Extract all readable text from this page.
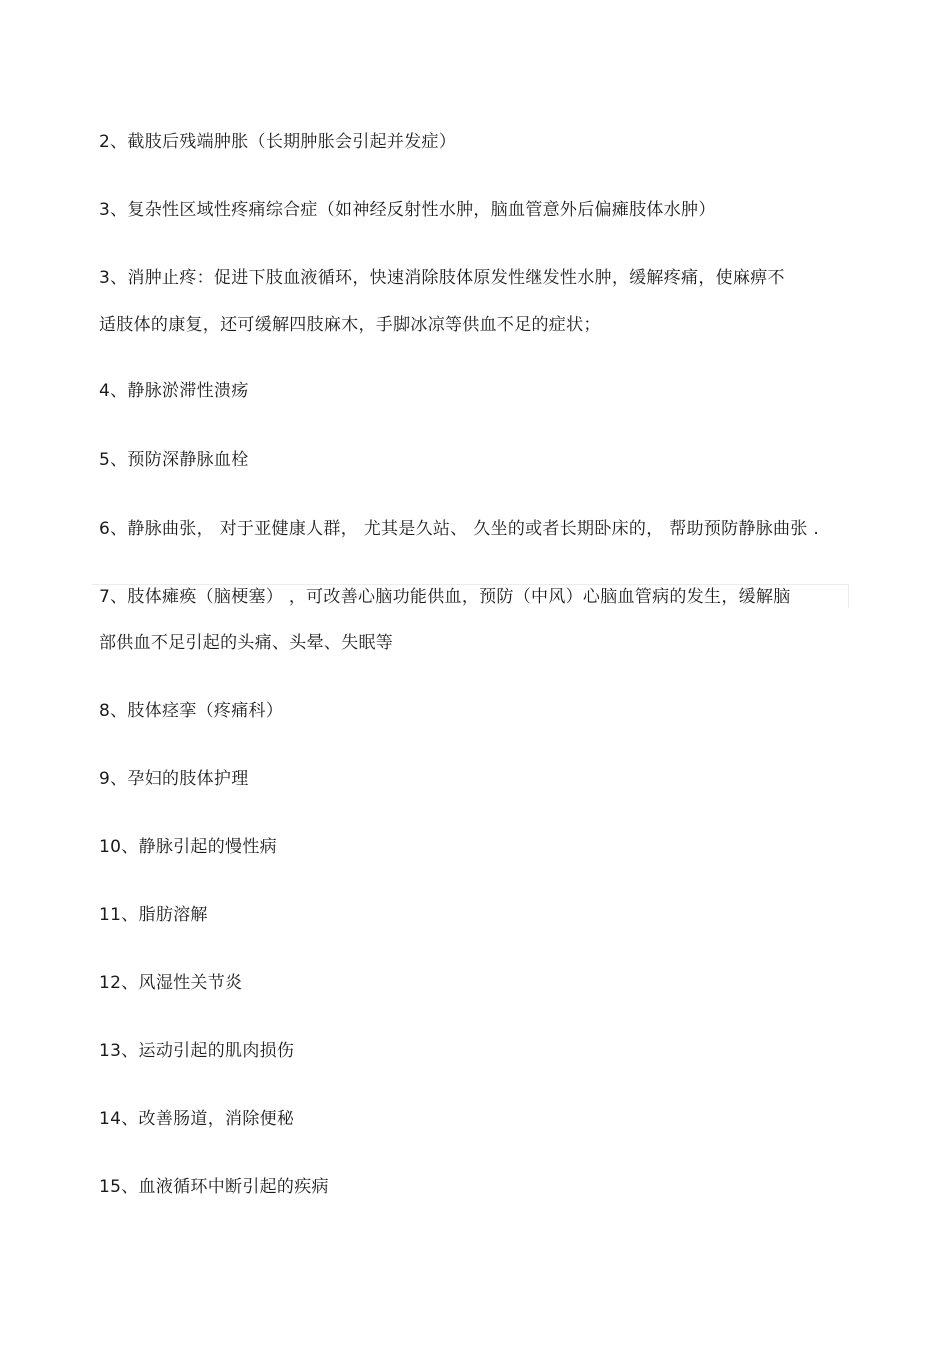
2、截肢后残端肿胀（长期肿胀会引起并发症）
3、复杂性区域性疼痛综合症（如神经反射性水肿，脑血管意外后偏瘫肢体水肿）
3、消肿止疼：促进下肢血液循环，快速消除肢体原发性继发性水肿，缓解疼痛，使麻痹不
适肢体的康复，还可缓解四肢麻木，手脚冰凉等供血不足的症状；
4、静脉淤滞性溃疡
5、预防深静脉血栓
6、静脉曲张， 对于亚健康人群， 尤其是久站、 久坐的或者长期卧床的， 帮助预防静脉曲张 .
7、肢体瘫痪（脑梗塞） ，可改善心脑功能供血，预防（中风）心脑血管病的发生，缓解脑
部供血不足引起的头痛、头晕、失眠等
8、肢体痉挛（疼痛科）
9、孕妇的肢体护理
10、静脉引起的慢性病
11、脂肪溶解
12、风湿性关节炎
13、运动引起的肌肉损伤
14、改善肠道，消除便秘
15、血液循环中断引起的疾病
